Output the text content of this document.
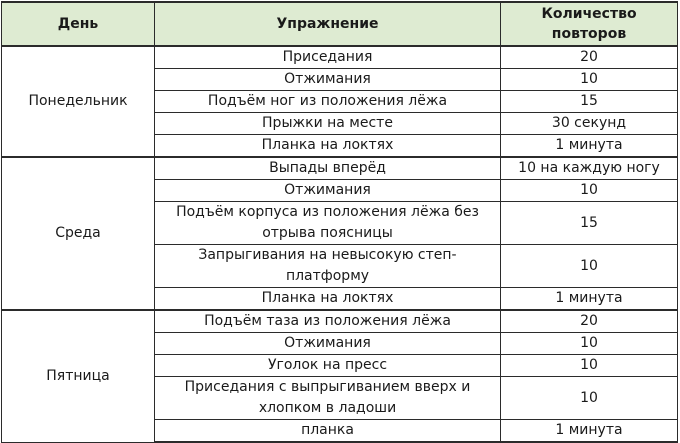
День	Упражнение	Количество повторов
Понедельник	Приседания	20
	Отжимания	10
	Подъём ног из положения лёжа	15
	Прыжки на месте	30 секунд
	Планка на локтях	1 минута
Среда	Выпады вперёд	10 на каждую ногу
	Отжимания	10
	Подъём корпуса из положения лёжа без отрыва поясницы	15
	Запрыгивания на невысокую степ-платформу	10
	Планка на локтях	1 минута
Пятница	Подъём таза из положения лёжа	20
	Отжимания	10
	Уголок на пресс	10
	Приседания с выпрыгиванием вверх и хлопком в ладоши	10
	планка	1 минута
